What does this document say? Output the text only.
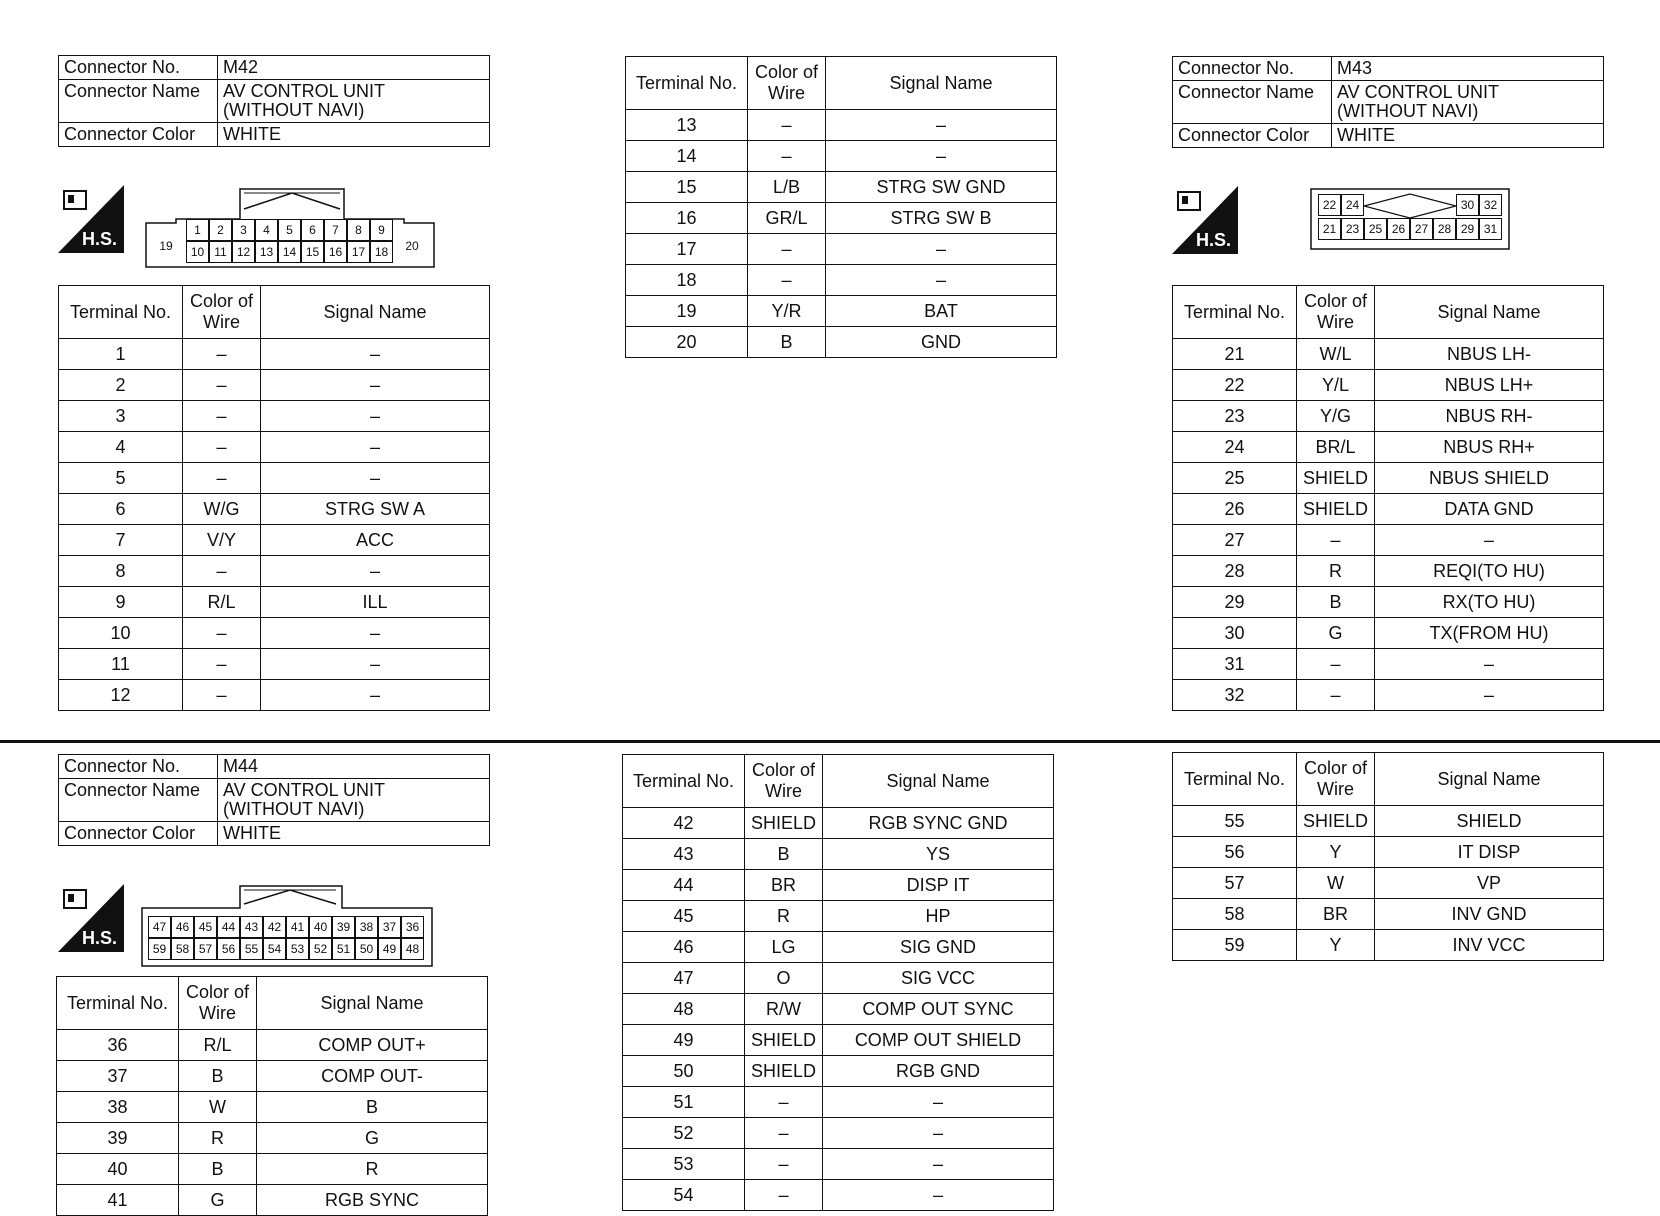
Connector No.	M42
Connector Name	AV CONTROL UNIT
(WITHOUT NAVI)
Connector Color	WHITE
H.S.	1	2	3	4	5	6	7	8	9
10 11 12 13 14 15 16 17 18
19	20
Terminal No.	Color of Wire	Signal Name
1	–	–
2	–	–
3	–	–
4	–	–
5	–	–
6	W/G	STRG SW A
7	V/Y	ACC
8	–	–
9	R/L	ILL
10	–	–
11	–	–
12	–	–
Terminal No.	Color of Wire	Signal Name
13	–	–
14	–	–
15	L/B	STRG SW GND
16	GR/L	STRG SW B
17	–	–
18	–	–
19	Y/R	BAT
20	B	GND
Connector No.	M43
Connector Name	AV CONTROL UNIT
(WITHOUT NAVI)
Connector Color	WHITE
H.S.
22 24	30 32
21 23 25 26 27 28 29 31
Terminal No.	Color of Wire	Signal Name
21	W/L	NBUS LH-
22	Y/L	NBUS LH+
23	Y/G	NBUS RH-
24	BR/L	NBUS RH+
25	SHIELD	NBUS SHIELD
26	SHIELD	DATA GND
27	–	–
28	R	REQI(TO HU)
29	B	RX(TO HU)
30	G	TX(FROM HU)
31	–	–
32	–	–
Connector No.	M44
Connector Name	AV CONTROL UNIT
(WITHOUT NAVI)
Connector Color	WHITE
H.S.
47 46 45 44 43 42 41 40 39 38 37 36
59 58 57 56 55 54 53 52 51 50 49 48
Terminal No.	Color of Wire	Signal Name
36	R/L	COMP OUT+
37	B	COMP OUT-
38	W	B
39	R	G
40	B	R
41	G	RGB SYNC
Terminal No.	Color of Wire	Signal Name
42	SHIELD	RGB SYNC GND
43	B	YS
44	BR	DISP IT
45	R	HP
46	LG	SIG GND
47	O	SIG VCC
48	R/W	COMP OUT SYNC
49	SHIELD	COMP OUT SHIELD
50	SHIELD	RGB GND
51	–	–
52	–	–
53	–	–
54	–	–
Terminal No.	Color of Wire	Signal Name
55	SHIELD	SHIELD
56	Y	IT DISP
57	W	VP
58	BR	INV GND
59	Y	INV VCC
